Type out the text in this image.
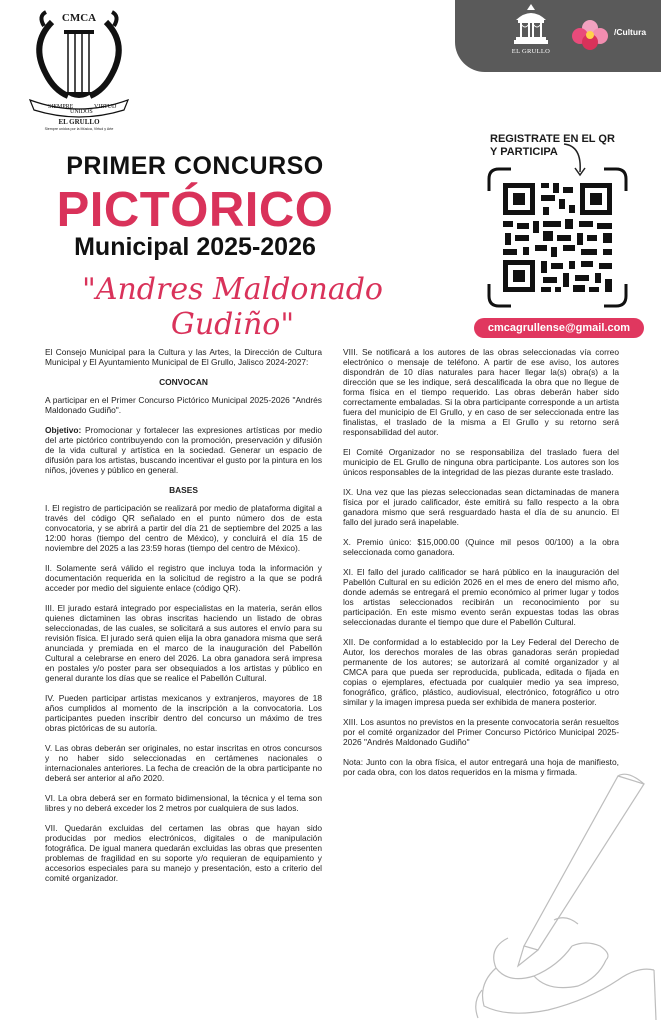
EL GRULLO
/Cultura
SIEMPRE
UNIDOS
VIRTUD
CMCA
EL GRULLO
Siempre unidos por la Música, Virtud y Arte
PRIMER CONCURSO
PICTÓRICO
Municipal 2025-2026
"Andres Maldonado Gudiño"
REGISTRATE EN EL QR
Y PARTICIPA
cmcagrullense@gmail.com

El Consejo Municipal para la Cultura y las Artes, la Dirección de Cultura Municipal y El Ayuntamiento Municipal de El Grullo, Jalisco 2024-2027:

CONVOCAN

A participar en el Primer Concurso Pictórico Municipal 2025-2026 "Andrés Maldonado Gudiño".

Objetivo: Promocionar y fortalecer las expresiones artísticas por medio del arte pictórico contribuyendo con la promoción, preservación y difusión de la vida cultural y artística en la sociedad. Generar un espacio de difusión para los artistas, buscando incentivar el gusto por la pintura en los niños, jóvenes y público en general.

BASES

I. El registro de participación se realizará por medio de plataforma digital a través del código QR señalado en el punto número dos de esta convocatoria, y se abrirá a partir del día 21 de septiembre del 2025 a las 12:00 horas (tiempo del centro de México), y concluirá el día 15 de noviembre del 2025 a las 23:59 horas (tiempo del centro de México).

II. Solamente será válido el registro que incluya toda la información y documentación requerida en la solicitud de registro a la que se podrá acceder por medio del siguiente enlace (código QR).

III. El jurado estará integrado por especialistas en la materia, serán ellos quienes dictaminen las obras inscritas haciendo un listado de obras seleccionadas, de las cuales, se solicitará a sus autores el envío para su revisión física. El jurado será quien elija la obra ganadora misma que será anunciada y premiada en el marco de la inauguración del Pabellón Cultural a celebrarse en enero del 2026. La obra ganadora será impresa en postales y/o poster para ser obsequiados a los artistas y público en general durante los días que se realice el Pabellón Cultural.

IV. Pueden participar artistas mexicanos y extranjeros, mayores de 18 años cumplidos al momento de la inscripción a la convocatoria. Los participantes pueden inscribir dentro del concurso un máximo de tres obras pictóricas de su autoría.

V. Las obras deberán ser originales, no estar inscritas en otros concursos y no haber sido seleccionadas en certámenes nacionales o internacionales anteriores. La fecha de creación de la obra participante no deberá ser anterior al año 2020.

VI. La obra deberá ser en formato bidimensional, la técnica y el tema son libres y no deberá exceder los 2 metros por cualquiera de sus lados.

VII. Quedarán excluidas del certamen las obras que hayan sido producidas por medios electrónicos, digitales o de manipulación fotográfica. De igual manera quedarán excluidas las obras que presenten problemas de fragilidad en su soporte y/o requieran de equipamiento y accesorios especiales para su manejo y presentación, esto a criterio del comité organizador.

VIII. Se notificará a los autores de las obras seleccionadas vía correo electrónico o mensaje de teléfono. A partir de ese aviso, los autores dispondrán de 10 días naturales para hacer llegar la(s) obra(s) a la dirección que se les indique, será descalificada la obra que no llegue de forma física en el tiempo requerido. Las obras deberán haber sido correctamente embaladas. Si la obra participante corresponde a un artista fuera del municipio de El Grullo, y en caso de ser seleccionada entre las finalistas, el traslado de la misma a El Grullo y su retorno será responsabilidad del autor.

El Comité Organizador no se responsabiliza del traslado fuera del municipio de EL Grullo de ninguna obra participante. Los autores son los únicos responsables de la integridad de las piezas durante este traslado.

IX. Una vez que las piezas seleccionadas sean dictaminadas de manera física por el jurado calificador, éste emitirá su fallo respecto a la obra ganadora mismo que será resguardado hasta el día de su anuncio. El fallo del jurado será inapelable.

X. Premio único: $15,000.00 (Quince mil pesos 00/100) a la obra seleccionada como ganadora.

XI. El fallo del jurado calificador se hará público en la inauguración del Pabellón Cultural en su edición 2026 en el mes de enero del mismo año, donde además se entregará el premio económico al primer lugar y todos los artistas seleccionados recibirán un reconocimiento por su participación. En este mismo evento serán expuestas todas las obras seleccionadas durante el tiempo que dure el Pabellón Cultural.

XII. De conformidad a lo establecido por la Ley Federal del Derecho de Autor, los derechos morales de las obras ganadoras serán propiedad permanente de los autores; se autorizará al comité organizador y al CMCA para que pueda ser reproducida, publicada, editada o fijada en copias o ejemplares, efectuada por cualquier medio ya sea impreso, fonográfico, gráfico, plástico, audiovisual, electrónico, fotográfico u otro similar y la imagen impresa pueda ser exhibida de manera posterior.

XIII. Los asuntos no previstos en la presente convocatoria serán resueltos por el comité organizador del Primer Concurso Pictórico Municipal 2025-2026 "Andrés Maldonado Gudiño"

Nota: Junto con la obra física, el autor entregará una hoja de manifiesto, por cada obra, con los datos requeridos en la misma y firmada.
